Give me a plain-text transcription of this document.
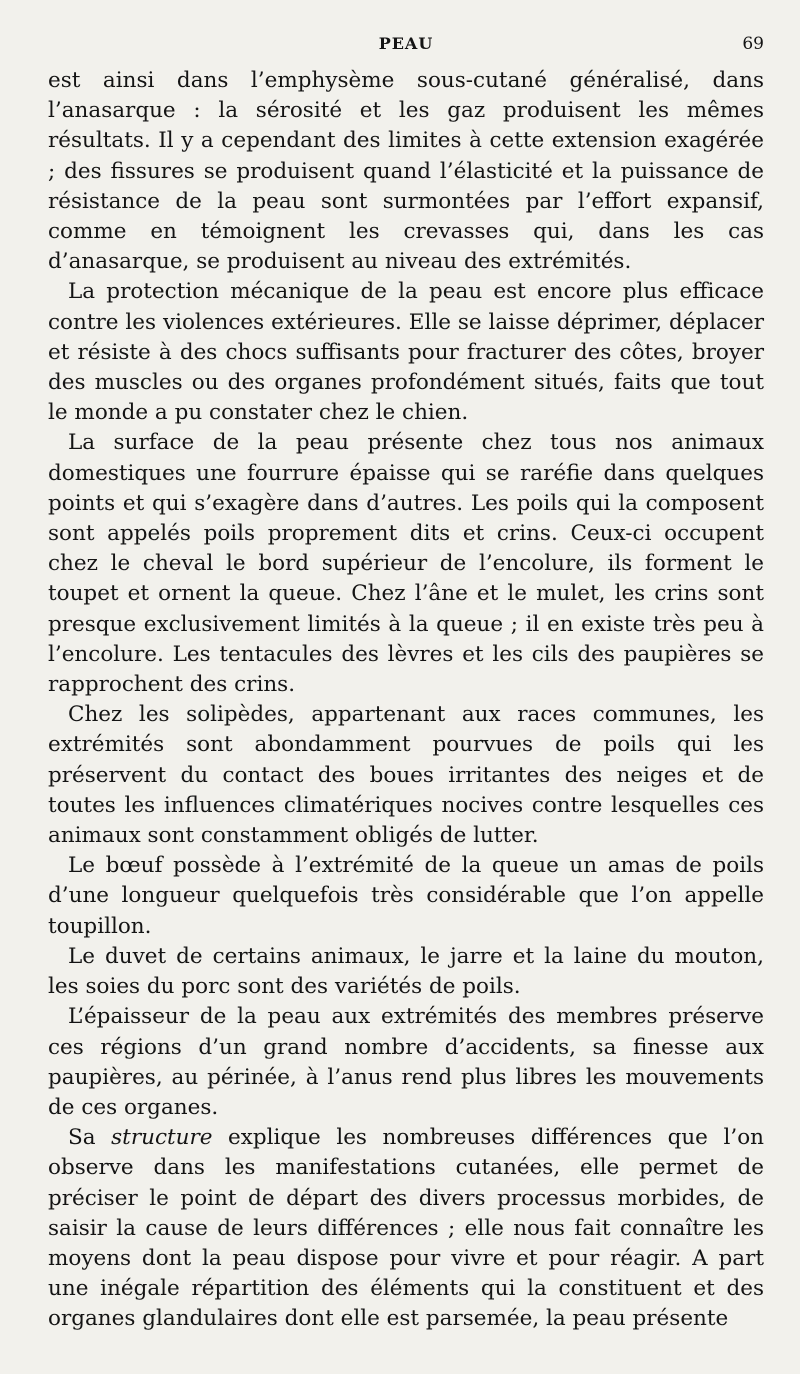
PEAU	69

est ainsi dans l’emphysème sous-cutané généralisé, dans l’anasarque : la sérosité et les gaz produisent les mêmes résultats. Il y a cependant des limites à cette extension exagérée ; des fissures se produisent quand l’élasticité et la puissance de résistance de la peau sont surmontées par l’effort expansif, comme en témoignent les crevasses qui, dans les cas d’anasarque, se produisent au niveau des extrémités.

La protection mécanique de la peau est encore plus efficace contre les violences extérieures. Elle se laisse déprimer, déplacer et résiste à des chocs suffisants pour fracturer des côtes, broyer des muscles ou des organes profondément situés, faits que tout le monde a pu constater chez le chien.

La surface de la peau présente chez tous nos animaux domestiques une fourrure épaisse qui se raréfie dans quelques points et qui s’exagère dans d’autres. Les poils qui la composent sont appelés poils proprement dits et crins. Ceux-ci occupent chez le cheval le bord supérieur de l’encolure, ils forment le toupet et ornent la queue. Chez l’âne et le mulet, les crins sont presque exclusivement limités à la queue ; il en existe très peu à l’encolure. Les tentacules des lèvres et les cils des paupières se rapprochent des crins.

Chez les solipèdes, appartenant aux races communes, les extrémités sont abondamment pourvues de poils qui les préservent du contact des boues irritantes des neiges et de toutes les influences climatériques nocives contre lesquelles ces animaux sont constamment obligés de lutter.

Le bœuf possède à l’extrémité de la queue un amas de poils d’une longueur quelquefois très considérable que l’on appelle toupillon.

Le duvet de certains animaux, le jarre et la laine du mouton, les soies du porc sont des variétés de poils.

L’épaisseur de la peau aux extrémités des membres préserve ces régions d’un grand nombre d’accidents, sa finesse aux paupières, au périnée, à l’anus rend plus libres les mouvements de ces organes.

Sa structure explique les nombreuses différences que l’on observe dans les manifestations cutanées, elle permet de préciser le point de départ des divers processus morbides, de saisir la cause de leurs différences ; elle nous fait connaître les moyens dont la peau dispose pour vivre et pour réagir. A part une inégale répartition des éléments qui la constituent et des organes glandulaires dont elle est parsemée, la peau présente
